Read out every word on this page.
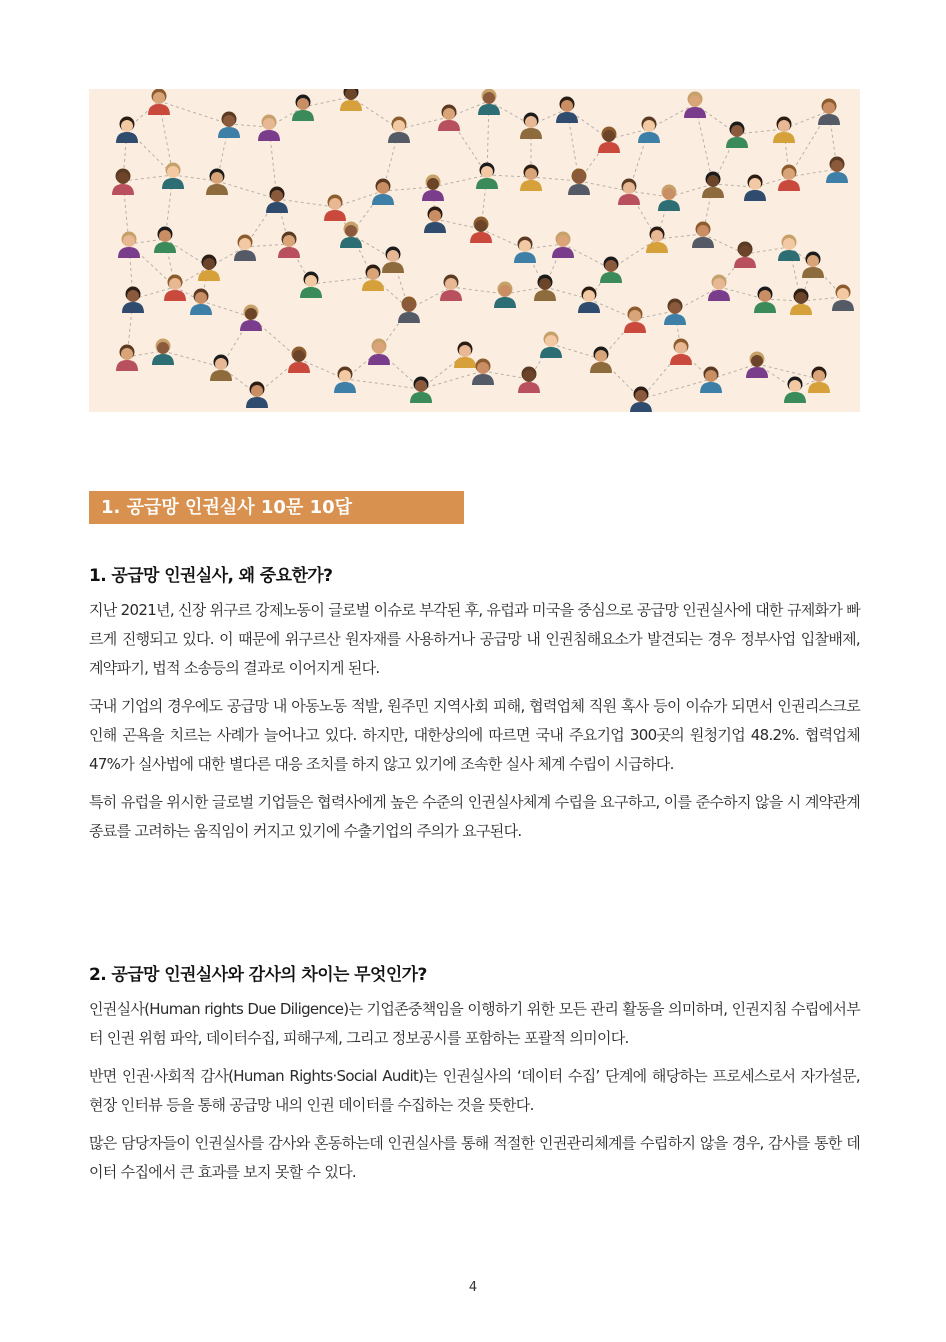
1. 공급망 인권실사 10문 10답
1. 공급망 인권실사, 왜 중요한가?

지난 2021년, 신장 위구르 강제노동이 글로벌 이슈로 부각된 후, 유럽과 미국을 중심으로 공급망 인권실사에 대한 규제화가 빠르게 진행되고 있다. 이 때문에 위구르산 원자재를 사용하거나 공급망 내 인권침해요소가 발견되는 경우 정부사업 입찰배제, 계약파기, 법적 소송등의 결과로 이어지게 된다.

국내 기업의 경우에도 공급망 내 아동노동 적발, 원주민 지역사회 피해, 협력업체 직원 혹사 등이 이슈가 되면서 인권리스크로 인해 곤욕을 치르는 사례가 늘어나고 있다. 하지만, 대한상의에 따르면 국내 주요기업 300곳의 원청기업 48.2%. 협력업체 47%가 실사법에 대한 별다른 대응 조치를 하지 않고 있기에 조속한 실사 체계 수립이 시급하다.

특히 유럽을 위시한 글로벌 기업들은 협력사에게 높은 수준의 인권실사체계 수립을 요구하고, 이를 준수하지 않을 시 계약관계종료를 고려하는 움직임이 커지고 있기에 수출기업의 주의가 요구된다.

2. 공급망 인권실사와 감사의 차이는 무엇인가?

인권실사(Human rights Due Diligence)는 기업존중책임을 이행하기 위한 모든 관리 활동을 의미하며, 인권지침 수립에서부터 인권 위험 파악, 데이터수집, 피해구제, 그리고 정보공시를 포함하는 포괄적 의미이다.

반면 인권·사회적 감사(Human Rights·Social Audit)는 인권실사의 ‘데이터 수집’ 단계에 해당하는 프로세스로서 자가설문, 현장 인터뷰 등을 통해 공급망 내의 인권 데이터를 수집하는 것을 뜻한다.

많은 담당자들이 인권실사를 감사와 혼동하는데 인권실사를 통해 적절한 인권관리체계를 수립하지 않을 경우, 감사를 통한 데이터 수집에서 큰 효과를 보지 못할 수 있다.

4
